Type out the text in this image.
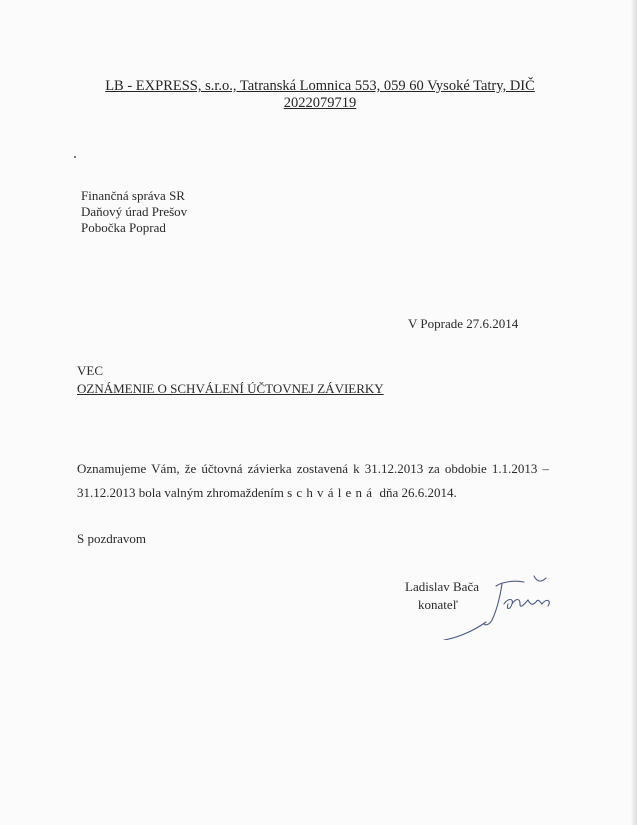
LB - EXPRESS, s.r.o., Tatranská Lomnica 553, 059 60 Vysoké Tatry, DIČ
2022079719
Finančná správa SR
Daňový úrad Prešov
Pobočka Poprad
V Poprade 27.6.2014
VEC
OZNÁMENIE O SCHVÁLENÍ ÚČTOVNEJ ZÁVIERKY
Oznamujeme Vám, že účtovná závierka zostavená k 31.12.2013 za obdobie 1.1.2013 – 31.12.2013 bola valným zhromaždením schválená dňa 26.6.2014.
S pozdravom
Ladislav Bača
konateľ
